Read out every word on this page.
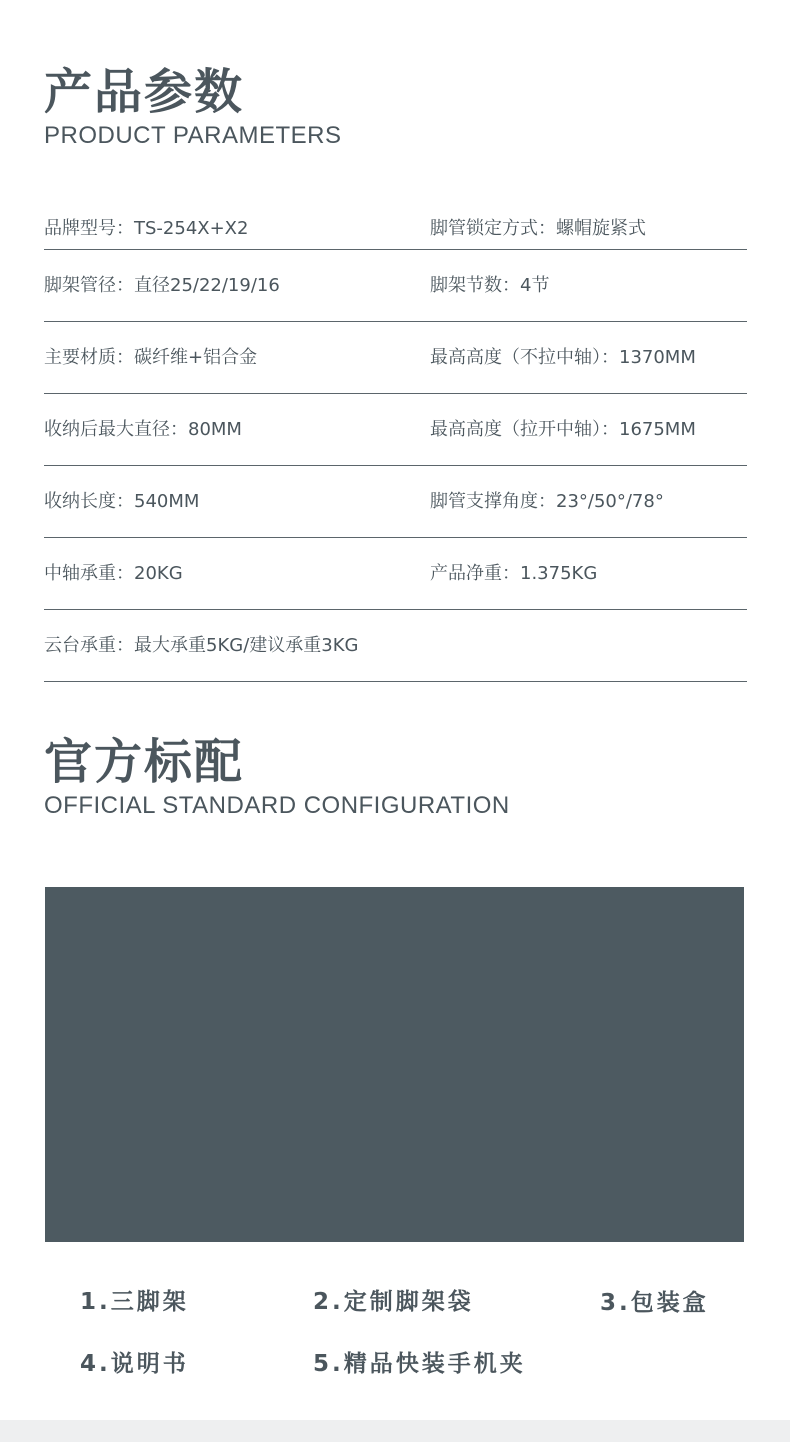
产品参数
PRODUCT PARAMETERS
品牌型号：TS-254X+X2	脚管锁定方式：螺帽旋紧式
脚架管径：直径25/22/19/16	脚架节数：4节
主要材质：碳纤维+铝合金	最高高度（不拉中轴）：1370MM
收纳后最大直径：80MM	最高高度（拉开中轴）：1675MM
收纳长度：540MM	脚管支撑角度：23°/50°/78°
中轴承重：20KG	产品净重：1.375KG
云台承重：最大承重5KG/建议承重3KG
官方标配
OFFICIAL STANDARD CONFIGURATION
1.三脚架	2.定制脚架袋	3.包装盒
4.说明书	5.精品快装手机夹
